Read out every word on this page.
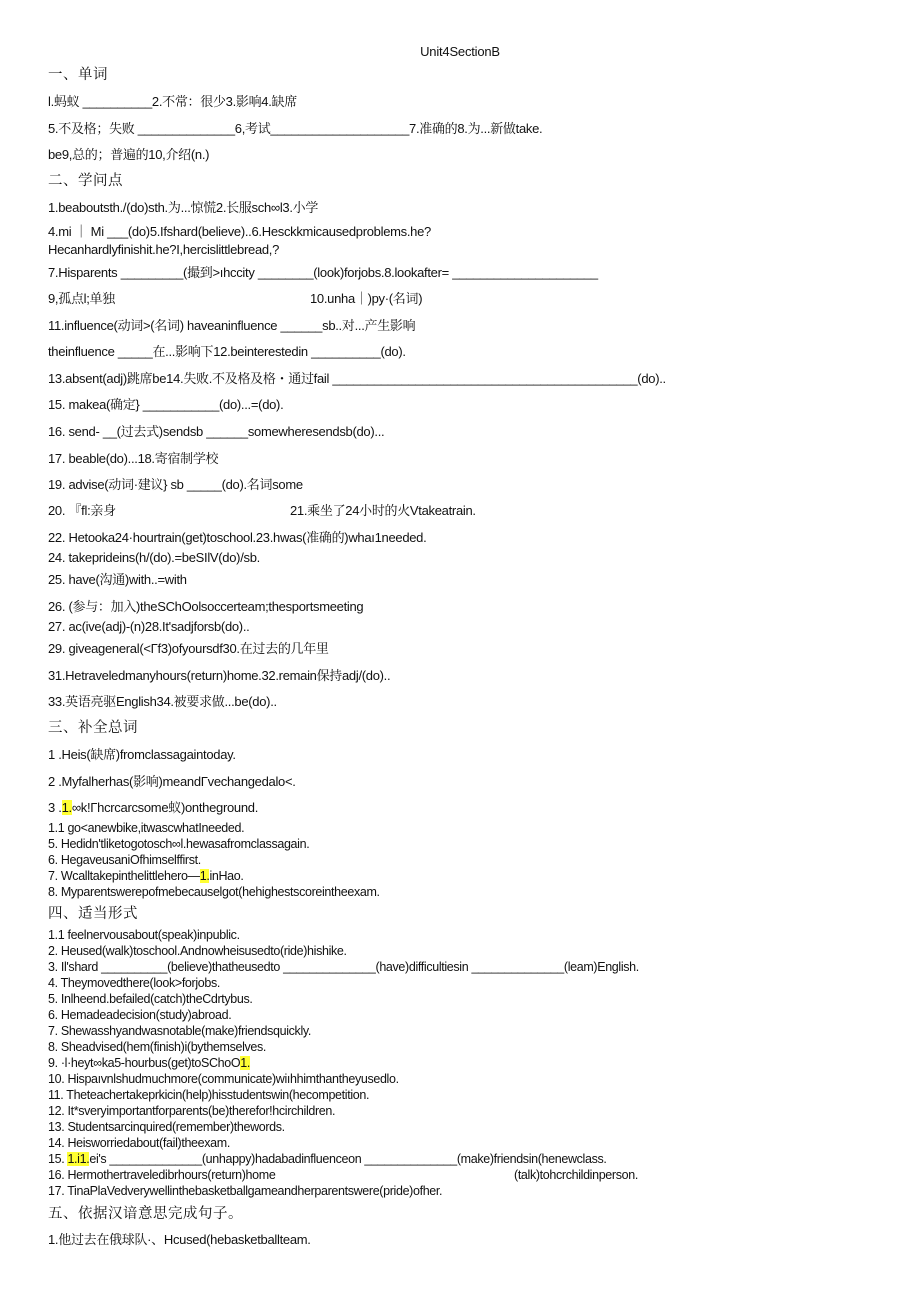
Unit4SectionB
一、单词
l.蚂蚁 __________2.不常：很少3.影响4.缺席
5.不及格；失败 ______________6,考试____________________7.准确的8.为...新做take.
be9,总的；普遍的10,介绍(n.)
二、学问点
1.beaboutsth./(do)sth.为...惊慌2.长服sch∞l3.小学
4.mi ｜ Mi ___(do)5.Ifshard(believe)..6.Hesckkmicausedproblems.he?
Hecanhardlyfinishit.he?I,hercislittlebread,?
7.Hisparents _________(撮到>ıhccity ________(look)forjobs.8.lookafter= _____________________
9,孤点l;单独	10.unha｜)py·(名词)
11.influence(动词>(名词) haveaninfluence ______sb..对...产生影响
theinfluence _____在...影响下12.beinterestedin __________(do).
13.absent(adj)跳席be14.失败.不及格及格・通过fail ____________________________________________(do)..
15. makea(确定} ___________(do)...=(do).
16. send- __(过去式)sendsb ______somewheresendsb(do)...
17. beable(do)...18.寄宿制学校
19. advise(动词·建议} sb _____(do).名词some
20. 『fl:亲身	21.乘坐了24小时的火Vtakeatrain.
22. Hetooka24·hourtrain(get)toschool.23.hwas(准确的)whaı1needed.
24. takeprideins(h/(do).=beSIlV(do)/sb.
25. have(沟通)with..=with
26. (参与：加入)theSChOolsoccerteam;thesportsmeeting
27. ac(ive(adj)-(n)28.It'sadjforsb(do)..
29. giveageneral(<Γf3)ofyoursdf30.在过去的几年里
31.Hetraveledmanyhours(return)home.32.remain保持adj/(do)..
33.英语亮驱English34.被要求做...be(do)..
三、补全总词
1 .Heis(缺席)fromclassagaintoday.
2 .Myfalherhas(影响)meandΓvechangedalo<.
3 .1.∞k!Γhcrcarcsome蚁)ontheground.
1.1 go<anewbike,itwascwhatIneeded.
5. Hedidn'tliketogotosch∞l.hewasafromclassagain.
6. HegaveusaniOfhimselffirst.
7. Wcalltakepinthelittlehero—1.inHao.
8. Myparentswerepofmebecauselgot(hehighestscoreintheexam.
四、适当形式
1.1 feelnervousabout(speak)inpublic.
2. Heused(walk)toschool.Andnowheisusedto(ride)hishike.
3. Il'shard __________(believe)thatheusedto ______________(have)difficultiesin ______________(leam)English.
4. Theymovedthere(look>forjobs.
5. Inlheend.befailed(catch)theCdrtybus.
6. Hemadeadecision(study)abroad.
7. Shewasshyandwasnotable(make)friendsquickly.
8. Sheadvised(hem(finish)i(bythemselves.
9. ·l·heyt∞ka5-hourbus(get)toSChoO1.
10. Hispaıvnlshudmuchmore(communicate)wiıhhimthantheyusedlo.
11. Theteachertakeprkicin(help)hisstudentswin(hecompetition.
12. It*sveryimportantforparents(be)therefor!hcirchildren.
13. Studentsarcinquired(remember)thewords.
14. Heisworriedabout(fail)theexam.
15. 1.i1.ei's ______________(unhappy)hadabadinfluenceon ______________(make)friendsin(henewclass.
16. Hermothertraveledibrhours(return)home	(talk)tohcrchildinperson.
17. TinaPlaVedverywellinthebasketballgameandherparentswere(pride)ofher.
五、依据汉谙意思完成句子。
1.他过去在俄球队·、Hcused(hebasketballteam.
